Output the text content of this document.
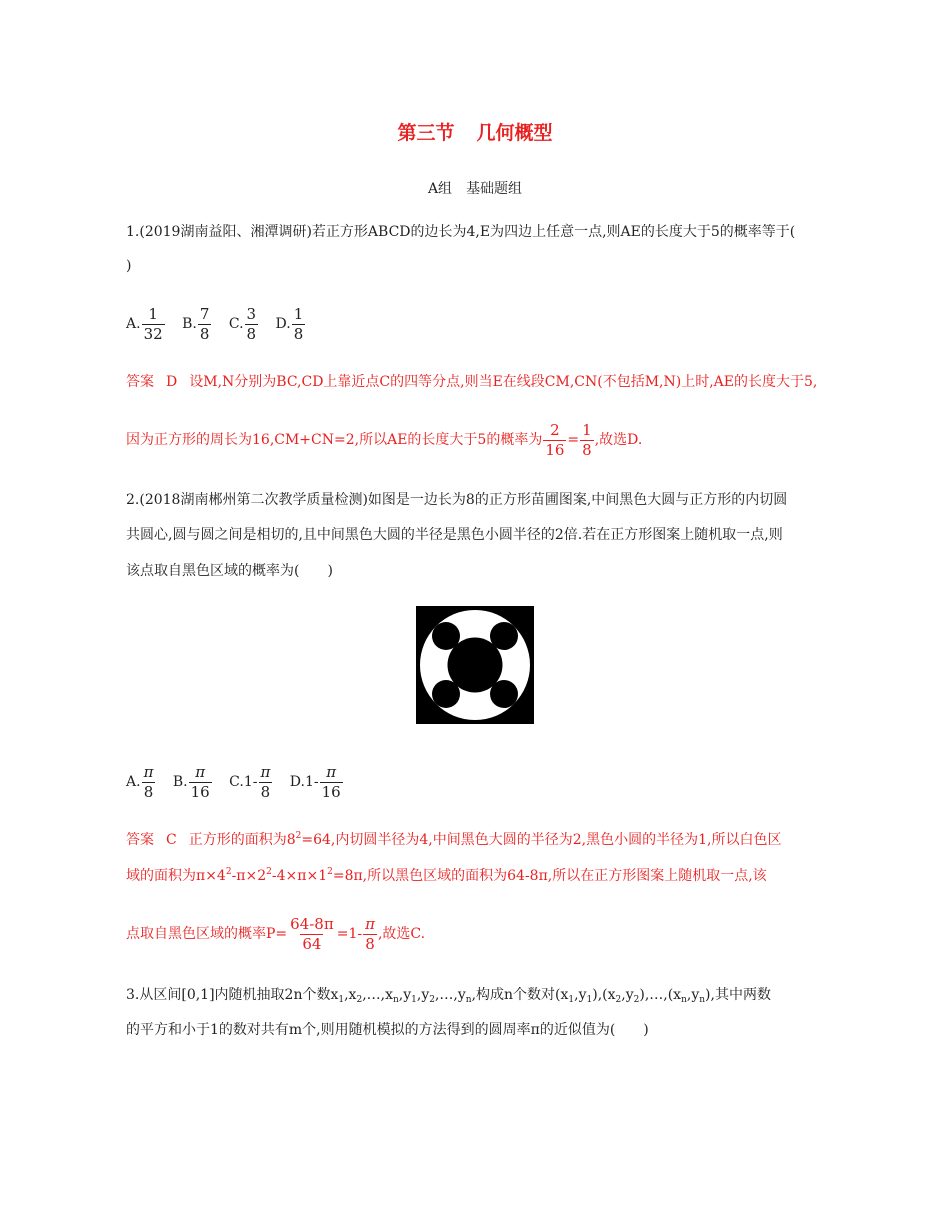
第三节 几何概型
A组 基础题组
1.(2019湖南益阳、湘潭调研)若正方形ABCD的边长为4,E为四边上任意一点,则AE的长度大于5的概率等于(
)
A. $\frac{1}{32} B$. $\frac{7}{8} C$. $\frac{3}{8} D$. $\frac{1}{8}$
答案 D 设M,N分别为BC,CD上靠近点C的四等分点,则当E在线段CM,CN(不包括M,N)上时,AE的长度大于5,
因为正方形的周长为16,CM+CN=2,所以AE的长度大于5的概率为 $\frac{2}{16} = \frac{1}{8}$ ,故选D.
2.(2018湖南郴州第二次教学质量检测)如图是一边长为8的正方形苗圃图案,中间黑色大圆与正方形的内切圆
共圆心,圆与圆之间是相切的,且中间黑色大圆的半径是黑色小圆半径的2倍.若在正方形图案上随机取一点,则
该点取自黑色区域的概率为(　　)
A. $\frac{\pi}{8} B$. $\frac{\pi}{16} C.1- \frac{\pi}{8} D.1- \frac{\pi}{16}$
答案 C 正方形的面积为$8^2=64$,内切圆半径为4,中间黑色大圆的半径为2,黑色小圆的半径为1,所以白色区
域的面积为$\pi\times 4^2-\pi\times 2^2-4\times\pi\times 1^2=8\pi$,所以黑色区域的面积为64-8π,所以在正方形图案上随机取一点,该
点取自黑色区域的概率$P= \frac{64-8\pi}{64} =1- \frac{\pi}{8}$ ,故选C.
3.从区间[0,1]内随机抽取2n个数$x_1,x_2,\dots,x_n,y_1,y_2,\dots,y_n$,构成n个数对$(x_1,y_1),(x_2,y_2),\dots,(x_n,y_n)$,其中两数
的平方和小于1的数对共有m个,则用随机模拟的方法得到的圆周率π的近似值为(　　)
